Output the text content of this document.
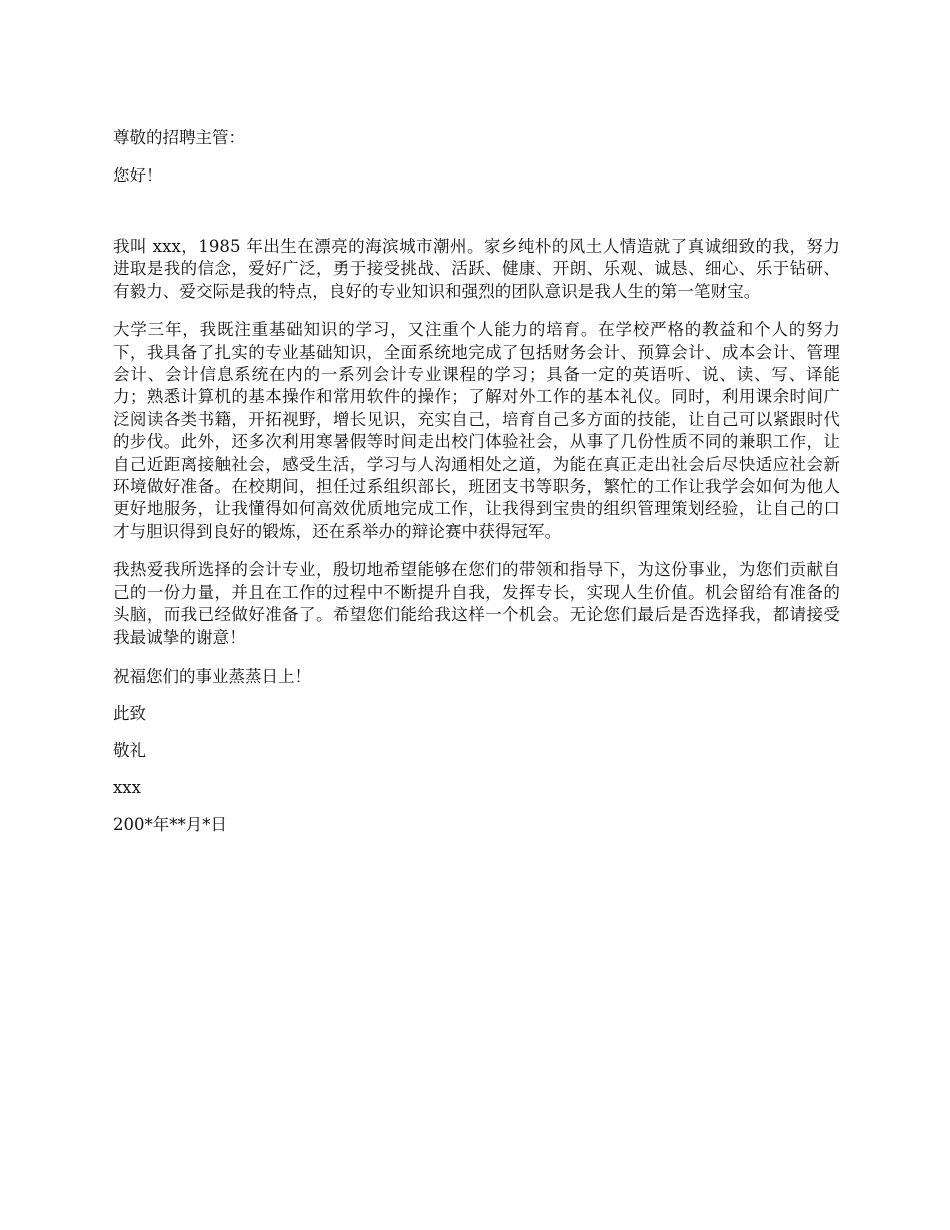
尊敬的招聘主管：

您好！

我叫 xxx，1985 年出生在漂亮的海滨城市潮州。家乡纯朴的风土人情造就了真诚细致的我，努力进取是我的信念，爱好广泛，勇于接受挑战、活跃、健康、开朗、乐观、诚恳、细心、乐于钻研、有毅力、爱交际是我的特点，良好的专业知识和强烈的团队意识是我人生的第一笔财宝。

大学三年，我既注重基础知识的学习，又注重个人能力的培育。在学校严格的教益和个人的努力下，我具备了扎实的专业基础知识，全面系统地完成了包括财务会计、预算会计、成本会计、管理会计、会计信息系统在内的一系列会计专业课程的学习；具备一定的英语听、说、读、写、译能力；熟悉计算机的基本操作和常用软件的操作；了解对外工作的基本礼仪。同时，利用课余时间广泛阅读各类书籍，开拓视野，增长见识，充实自己，培育自己多方面的技能，让自己可以紧跟时代的步伐。此外，还多次利用寒暑假等时间走出校门体验社会，从事了几份性质不同的兼职工作，让自己近距离接触社会，感受生活，学习与人沟通相处之道，为能在真正走出社会后尽快适应社会新环境做好准备。在校期间，担任过系组织部长，班团支书等职务，繁忙的工作让我学会如何为他人更好地服务，让我懂得如何高效优质地完成工作，让我得到宝贵的组织管理策划经验，让自己的口才与胆识得到良好的锻炼，还在系举办的辩论赛中获得冠军。

我热爱我所选择的会计专业，殷切地希望能够在您们的带领和指导下，为这份事业，为您们贡献自己的一份力量，并且在工作的过程中不断提升自我，发挥专长，实现人生价值。机会留给有准备的头脑，而我已经做好准备了。希望您们能给我这样一个机会。无论您们最后是否选择我，都请接受我最诚挚的谢意！

祝福您们的事业蒸蒸日上！

此致

敬礼

xxx

200*年**月*日
